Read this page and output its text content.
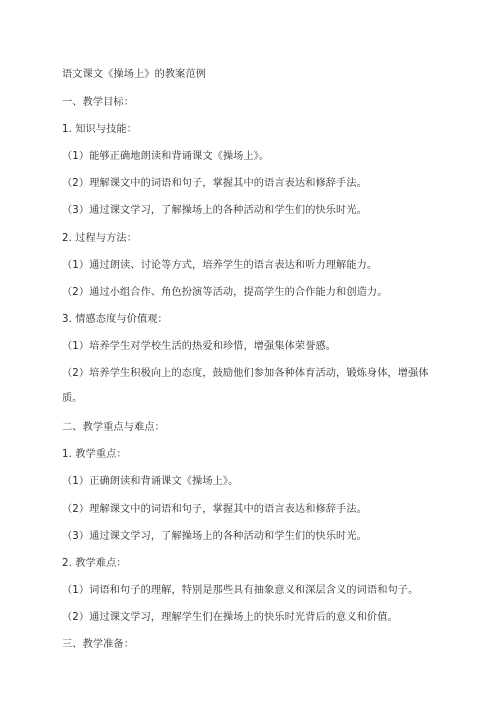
语文课文《操场上》的教案范例
一、教学目标：
1. 知识与技能：
（1）能够正确地朗读和背诵课文《操场上》。
（2）理解课文中的词语和句子，掌握其中的语言表达和修辞手法。
（3）通过课文学习，了解操场上的各种活动和学生们的快乐时光。
2. 过程与方法：
（1）通过朗读、讨论等方式，培养学生的语言表达和听力理解能力。
（2）通过小组合作、角色扮演等活动，提高学生的合作能力和创造力。
3. 情感态度与价值观：
（1）培养学生对学校生活的热爱和珍惜，增强集体荣誉感。
（2）培养学生积极向上的态度，鼓励他们参加各种体育活动，锻炼身体，增强体质。
二、教学重点与难点：
1. 教学重点：
（1）正确朗读和背诵课文《操场上》。
（2）理解课文中的词语和句子，掌握其中的语言表达和修辞手法。
（3）通过课文学习，了解操场上的各种活动和学生们的快乐时光。
2. 教学难点：
（1）词语和句子的理解，特别是那些具有抽象意义和深层含义的词语和句子。
（2）通过课文学习，理解学生们在操场上的快乐时光背后的意义和价值。
三、教学准备：
